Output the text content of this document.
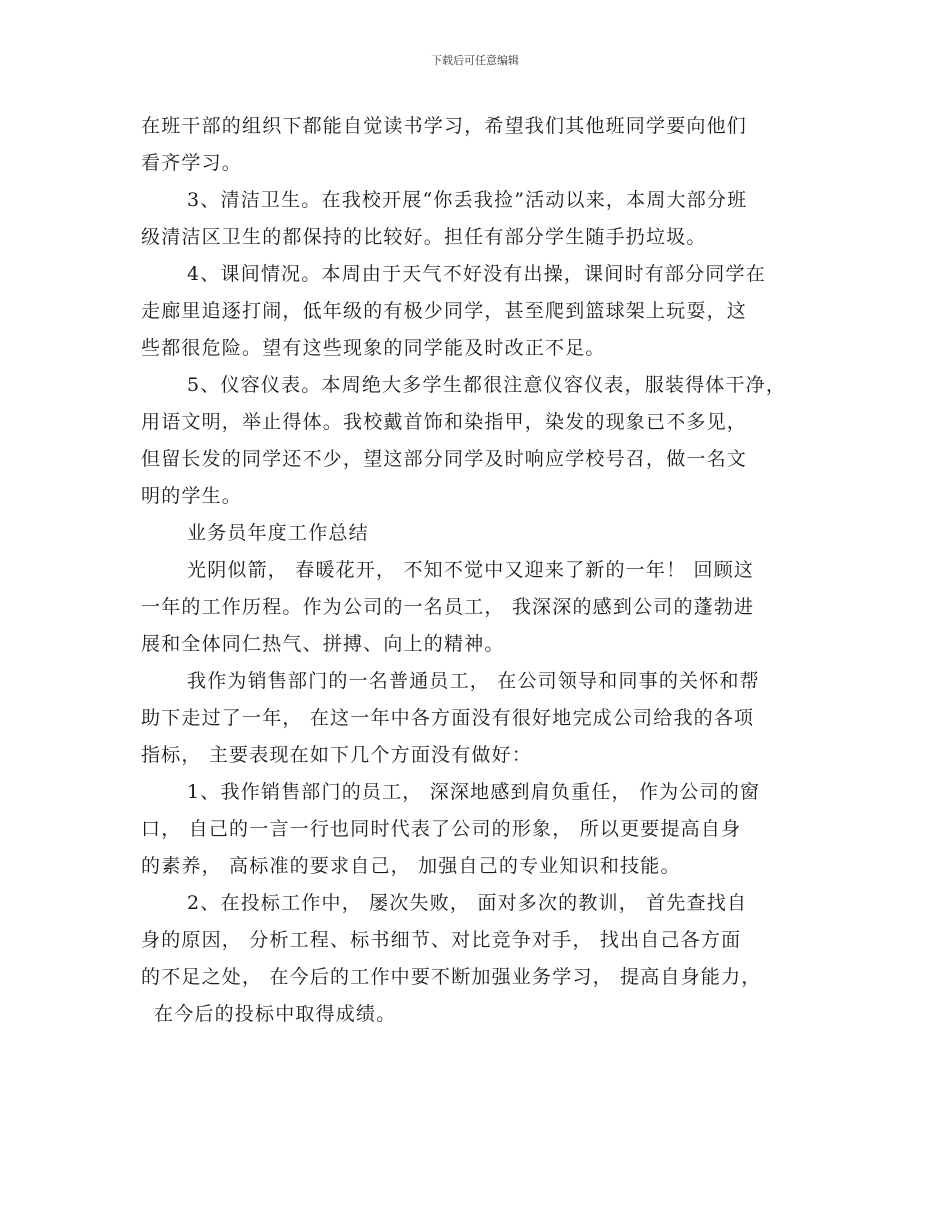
下载后可任意编辑
在班干部的组织下都能自觉读书学习，希望我们其他班同学要向他们
看齐学习。
3、清洁卫生。在我校开展“你丢我捡”活动以来，本周大部分班
级清洁区卫生的都保持的比较好。担任有部分学生随手扔垃圾。
4、课间情况。本周由于天气不好没有出操，课间时有部分同学在
走廊里追逐打闹，低年级的有极少同学，甚至爬到篮球架上玩耍，这
些都很危险。望有这些现象的同学能及时改正不足。
5、仪容仪表。本周绝大多学生都很注意仪容仪表，服装得体干净，
用语文明，举止得体。我校戴首饰和染指甲，染发的现象已不多见，
但留长发的同学还不少，望这部分同学及时响应学校号召，做一名文
明的学生。
业务员年度工作总结
光阴似箭， 春暖花开， 不知不觉中又迎来了新的一年！ 回顾这
一年的工作历程。作为公司的一名员工， 我深深的感到公司的蓬勃进
展和全体同仁热气、拼搏、向上的精神。
我作为销售部门的一名普通员工， 在公司领导和同事的关怀和帮
助下走过了一年， 在这一年中各方面没有很好地完成公司给我的各项
指标， 主要表现在如下几个方面没有做好：
1、我作销售部门的员工， 深深地感到肩负重任， 作为公司的窗
口， 自己的一言一行也同时代表了公司的形象， 所以更要提高自身
的素养， 高标准的要求自己， 加强自己的专业知识和技能。
2、在投标工作中， 屡次失败， 面对多次的教训， 首先查找自
身的原因， 分析工程、标书细节、对比竞争对手， 找出自己各方面
的不足之处， 在今后的工作中要不断加强业务学习， 提高自身能力，
在今后的投标中取得成绩。
